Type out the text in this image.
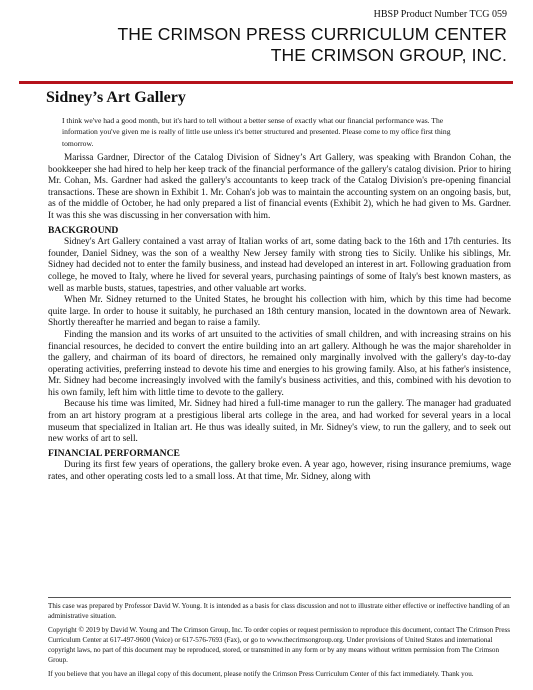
HBSP Product Number TCG 059
THE CRIMSON PRESS CURRICULUM CENTER
THE CRIMSON GROUP, INC.
Sidney’s Art Gallery
I think we've had a good month, but it's hard to tell without a better sense of exactly what our financial performance was. The information you've given me is really of little use unless it's better structured and presented. Please come to my office first thing tomorrow.

Marissa Gardner, Director of the Catalog Division of Sidney’s Art Gallery, was speaking with Brandon Cohan, the bookkeeper she had hired to help her keep track of the financial performance of the gallery's catalog division. Prior to hiring Mr. Cohan, Ms. Gardner had asked the gallery's accountants to keep track of the Catalog Division's pre-opening financial transactions. These are shown in Exhibit 1. Mr. Cohan's job was to maintain the accounting system on an ongoing basis, but, as of the middle of October, he had only prepared a list of financial events (Exhibit 2), which he had given to Ms. Gardner. It was this she was discussing in her conversation with him.

BACKGROUND

Sidney's Art Gallery contained a vast array of Italian works of art, some dating back to the 16th and 17th centuries. Its founder, Daniel Sidney, was the son of a wealthy New Jersey family with strong ties to Sicily. Unlike his siblings, Mr. Sidney had decided not to enter the family business, and instead had developed an interest in art. Following graduation from college, he moved to Italy, where he lived for several years, purchasing paintings of some of Italy's best known masters, as well as marble busts, statues, tapestries, and other valuable art works.

When Mr. Sidney returned to the United States, he brought his collection with him, which by this time had become quite large. In order to house it suitably, he purchased an 18th century mansion, located in the downtown area of Newark. Shortly thereafter he married and began to raise a family.

Finding the mansion and its works of art unsuited to the activities of small children, and with increasing strains on his financial resources, he decided to convert the entire building into an art gallery. Although he was the major shareholder in the gallery, and chairman of its board of directors, he remained only marginally involved with the gallery's day-to-day operating activities, preferring instead to devote his time and energies to his growing family. Also, at his father's insistence, Mr. Sidney had become increasingly involved with the family's business activities, and this, combined with his devotion to his own family, left him with little time to devote to the gallery.

Because his time was limited, Mr. Sidney had hired a full-time manager to run the gallery. The manager had graduated from an art history program at a prestigious liberal arts college in the area, and had worked for several years in a local museum that specialized in Italian art. He thus was ideally suited, in Mr. Sidney's view, to run the gallery, and to seek out new works of art to sell.

FINANCIAL PERFORMANCE

During its first few years of operations, the gallery broke even. A year ago, however, rising insurance premiums, wage rates, and other operating costs led to a small loss. At that time, Mr. Sidney, along with

This case was prepared by Professor David W. Young. It is intended as a basis for class discussion and not to illustrate either effective or ineffective handling of an administrative situation.

Copyright © 2019 by David W. Young and The Crimson Group, Inc. To order copies or request permission to reproduce this document, contact The Crimson Press Curriculum Center at 617-497-9600 (Voice) or 617-576-7693 (Fax), or go to www.thecrimsongroup.org. Under provisions of United States and international copyright laws, no part of this document may be reproduced, stored, or transmitted in any form or by any means without written permission from The Crimson Group.

If you believe that you have an illegal copy of this document, please notify the Crimson Press Curriculum Center of this fact immediately. Thank you.
